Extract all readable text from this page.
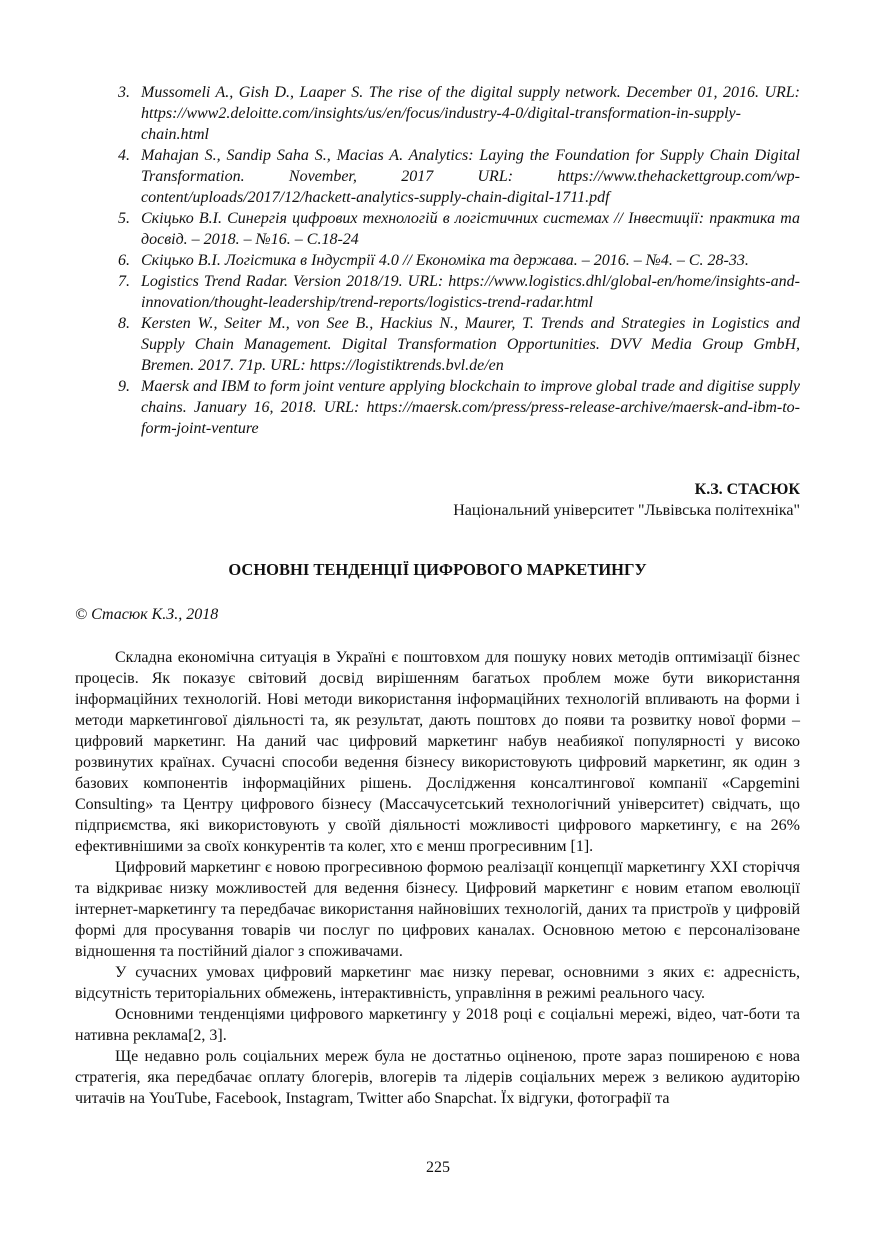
3. Mussomeli A., Gish D., Laaper S. The rise of the digital supply network. December 01, 2016. URL: https://www2.deloitte.com/insights/us/en/focus/industry-4-0/digital-transformation-in-supply-chain.html
4. Mahajan S., Sandip Saha S., Macias A. Analytics: Laying the Foundation for Supply Chain Digital Transformation. November, 2017 URL: https://www.thehackettgroup.com/wp-content/uploads/2017/12/hackett-analytics-supply-chain-digital-1711.pdf
5. Скіцько В.І. Синергія цифрових технологій в логістичних системах // Інвестиції: практика та досвід. – 2018. – №16. – С.18-24
6. Скіцько В.І. Логістика в Індустрії 4.0 // Економіка та держава. – 2016. – №4. – С. 28-33.
7. Logistics Trend Radar. Version 2018/19. URL: https://www.logistics.dhl/global-en/home/insights-and-innovation/thought-leadership/trend-reports/logistics-trend-radar.html
8. Kersten W., Seiter M., von See B., Hackius N., Maurer, T. Trends and Strategies in Logistics and Supply Chain Management. Digital Transformation Opportunities. DVV Media Group GmbH, Bremen. 2017. 71p. URL: https://logistiktrends.bvl.de/en
9. Maersk and IBM to form joint venture applying blockchain to improve global trade and digitise supply chains. January 16, 2018. URL: https://maersk.com/press/press-release-archive/maersk-and-ibm-to-form-joint-venture
К.З. СТАСЮК
Національний університет "Львівська політехніка"
ОСНОВНІ ТЕНДЕНЦІЇ ЦИФРОВОГО МАРКЕТИНГУ
© Стасюк К.З., 2018

Складна економічна ситуація в Україні є поштовхом для пошуку нових методів оптимізації бізнес процесів. Як показує світовий досвід вирішенням багатьох проблем може бути використання інформаційних технологій. Нові методи використання інформаційних технологій впливають на форми і методи маркетингової діяльності та, як результат, дають поштовх до появи та розвитку нової форми – цифровий маркетинг. На даний час цифровий маркетинг набув неабиякої популярності у високо розвинутих країнах. Сучасні способи ведення бізнесу використовують цифровий маркетинг, як один з базових компонентів інформаційних рішень. Дослідження консалтингової компанії «Capgemini Consulting» та Центру цифрового бізнесу (Массачусетський технологічний університет) свідчать, що підприємства, які використовують у своїй діяльності можливості цифрового маркетингу, є на 26% ефективнішими за своїх конкурентів та колег, хто є менш прогресивним [1].

Цифровий маркетинг є новою прогресивною формою реалізації концепції маркетингу XXI сторіччя та відкриває низку можливостей для ведення бізнесу. Цифровий маркетинг є новим етапом еволюції інтернет-маркетингу та передбачає використання найновіших технологій, даних та пристроїв у цифровій формі для просування товарів чи послуг по цифрових каналах. Основною метою є персоналізоване відношення та постійний діалог з споживачами.

У сучасних умовах цифровий маркетинг має низку переваг, основними з яких є: адресність, відсутність територіальних обмежень, інтерактивність, управління в режимі реального часу.

Основними тенденціями цифрового маркетингу у 2018 році є соціальні мережі, відео, чат-боти та нативна реклама[2, 3].

Ще недавно роль соціальних мереж була не достатньо оціненою, проте зараз поширеною є нова стратегія, яка передбачає оплату блогерів, влогерів та лідерів соціальних мереж з великою аудиторію читачів на YouTube, Facebook, Instagram, Twitter або Snapchat. Їх відгуки, фотографії та

225
